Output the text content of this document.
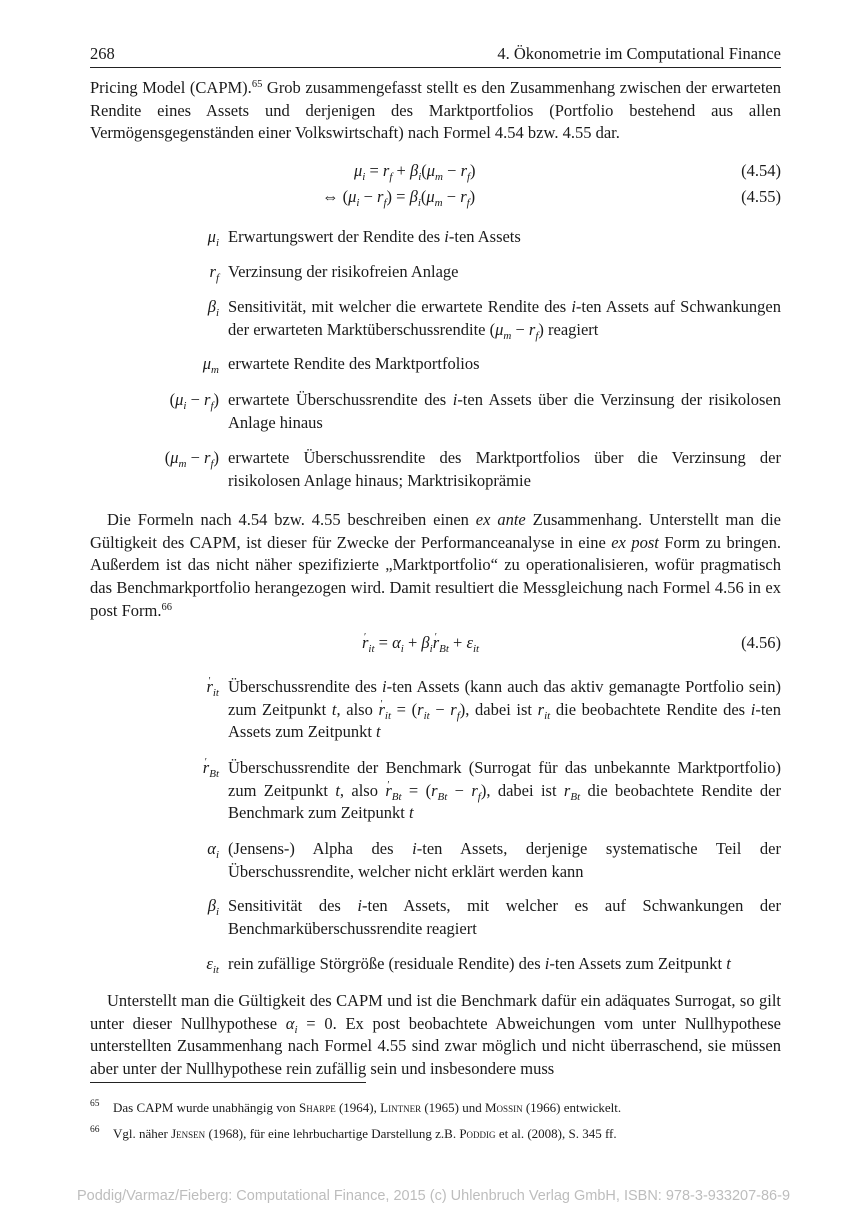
268	4. Ökonometrie im Computational Finance
Pricing Model (CAPM).$^{65}$ Grob zusammengefasst stellt es den Zusammenhang zwischen der erwarteten Rendite eines Assets und derjenigen des Marktportfolios (Portfolio bestehend aus allen Vermögensgegenständen einer Volkswirtschaft) nach Formel 4.54 bzw. 4.55 dar.
$\mu_i = r_f + \beta_i(\mu_m - r_f)$	(4.54)
⇔ $(\mu_i - r_f) = \beta_i(\mu_m - r_f)$	(4.55)
$\mu_i$ Erwartungswert der Rendite des i-ten Assets
$r_f$ Verzinsung der risikofreien Anlage
$\beta_i$ Sensitivität, mit welcher die erwartete Rendite des i-ten Assets auf Schwankungen der erwarteten Marktüberschussrendite $(\mu_m - r_f)$ reagiert
$\mu_m$ erwartete Rendite des Marktportfolios
$(\mu_i - r_f)$ erwartete Überschussrendite des i-ten Assets über die Verzinsung der risikolosen Anlage hinaus
$(\mu_m - r_f)$ erwartete Überschussrendite des Marktportfolios über die Verzinsung der risikolosen Anlage hinaus; Marktrisikoprämie
Die Formeln nach 4.54 bzw. 4.55 beschreiben einen ex ante Zusammenhang. Unterstellt man die Gültigkeit des CAPM, ist dieser für Zwecke der Performanceanalyse in eine ex post Form zu bringen. Außerdem ist das nicht näher spezifizierte „Marktportfolio“ zu operationalisieren, wofür pragmatisch das Benchmarkportfolio herangezogen wird. Damit resultiert die Messgleichung nach Formel 4.56 in ex post Form.$^{66}$
r $'_{it} = \alpha_i + \beta_ir$ $'_{Bt} + \varepsilon_{it}$	(4.56)
r $'_{it}$ Überschussrendite des i-ten Assets (kann auch das aktiv gemanagte Portfolio sein) zum Zeitpunkt t, also r $'_{it} = (r_{it} - r_f)$, dabei ist $r_{it}$ die beobachtete Rendite des i-ten Assets zum Zeitpunkt t
r $'_{Bt}$ Überschussrendite der Benchmark (Surrogat für das unbekannte Marktportfolio) zum Zeitpunkt t, also r $'_{Bt} = (r_{Bt} - r_f)$, dabei ist $r_{Bt}$ die beobachtete Rendite der Benchmark zum Zeitpunkt t
$\alpha_i$ (Jensens-) Alpha des i-ten Assets, derjenige systematische Teil der Überschussrendite, welcher nicht erklärt werden kann
$\beta_i$ Sensitivität des i-ten Assets, mit welcher es auf Schwankungen der Benchmarküberschussrendite reagiert
$\varepsilon_{it}$ rein zufällige Störgröße (residuale Rendite) des i-ten Assets zum Zeitpunkt t
Unterstellt man die Gültigkeit des CAPM und ist die Benchmark dafür ein adäquates Surrogat, so gilt unter dieser Nullhypothese $\alpha_i = 0$. Ex post beobachtete Abweichungen vom unter Nullhypothese unterstellten Zusammenhang nach Formel 4.55 sind zwar möglich und nicht überraschend, sie müssen aber unter der Nullhypothese rein zufällig sein und insbesondere muss
65 Das CAPM wurde unabhängig von Sharpe (1964), Lintner (1965) und Mossin (1966) entwickelt.
66 Vgl. näher Jensen (1968), für eine lehrbuchartige Darstellung z.B. Poddig et al. (2008), S. 345 ff.
Poddig/Varmaz/Fieberg: Computational Finance, 2015 (c) Uhlenbruch Verlag GmbH, ISBN: 978-3-933207-86-9
